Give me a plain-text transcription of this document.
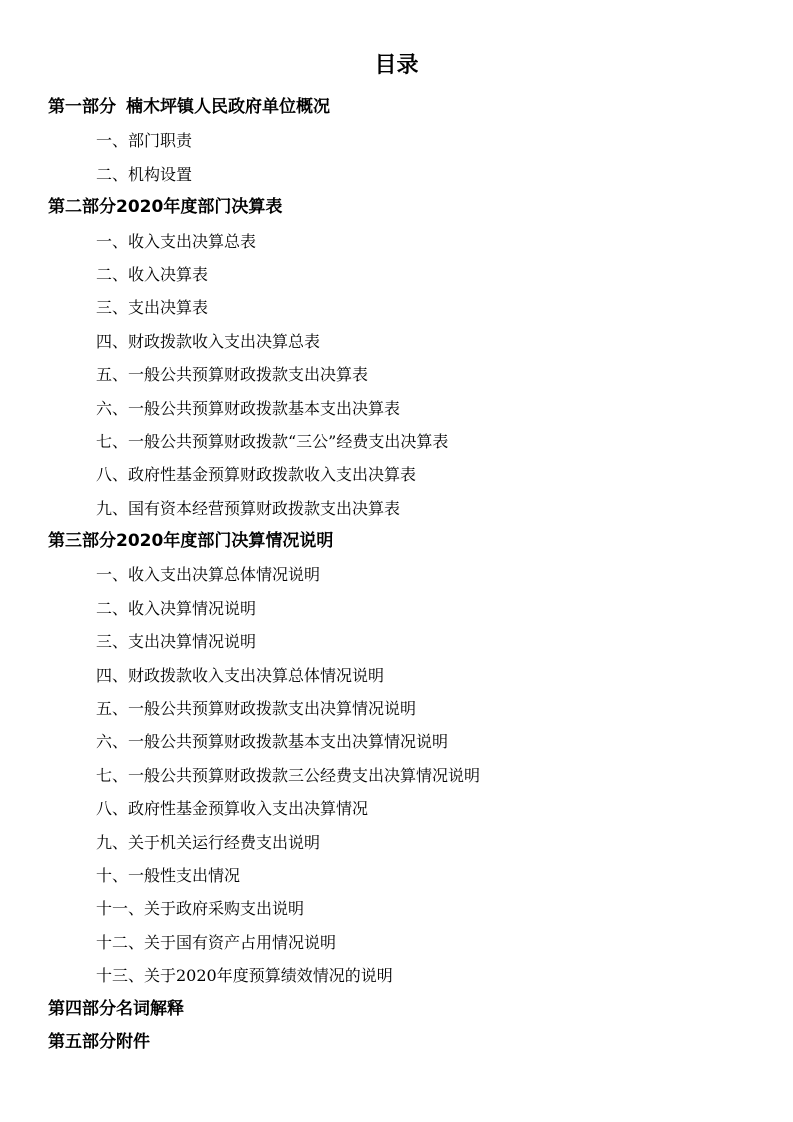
目录
第一部分 楠木坪镇人民政府单位概况
一、部门职责
二、机构设置
第二部分2020年度部门决算表
一、收入支出决算总表
二、收入决算表
三、支出决算表
四、财政拨款收入支出决算总表
五、一般公共预算财政拨款支出决算表
六、一般公共预算财政拨款基本支出决算表
七、一般公共预算财政拨款“三公”经费支出决算表
八、政府性基金预算财政拨款收入支出决算表
九、国有资本经营预算财政拨款支出决算表
第三部分2020年度部门决算情况说明
一、收入支出决算总体情况说明
二、收入决算情况说明
三、支出决算情况说明
四、财政拨款收入支出决算总体情况说明
五、一般公共预算财政拨款支出决算情况说明
六、一般公共预算财政拨款基本支出决算情况说明
七、一般公共预算财政拨款三公经费支出决算情况说明
八、政府性基金预算收入支出决算情况
九、关于机关运行经费支出说明
十、一般性支出情况
十一、关于政府采购支出说明
十二、关于国有资产占用情况说明
十三、关于2020年度预算绩效情况的说明
第四部分名词解释
第五部分附件
